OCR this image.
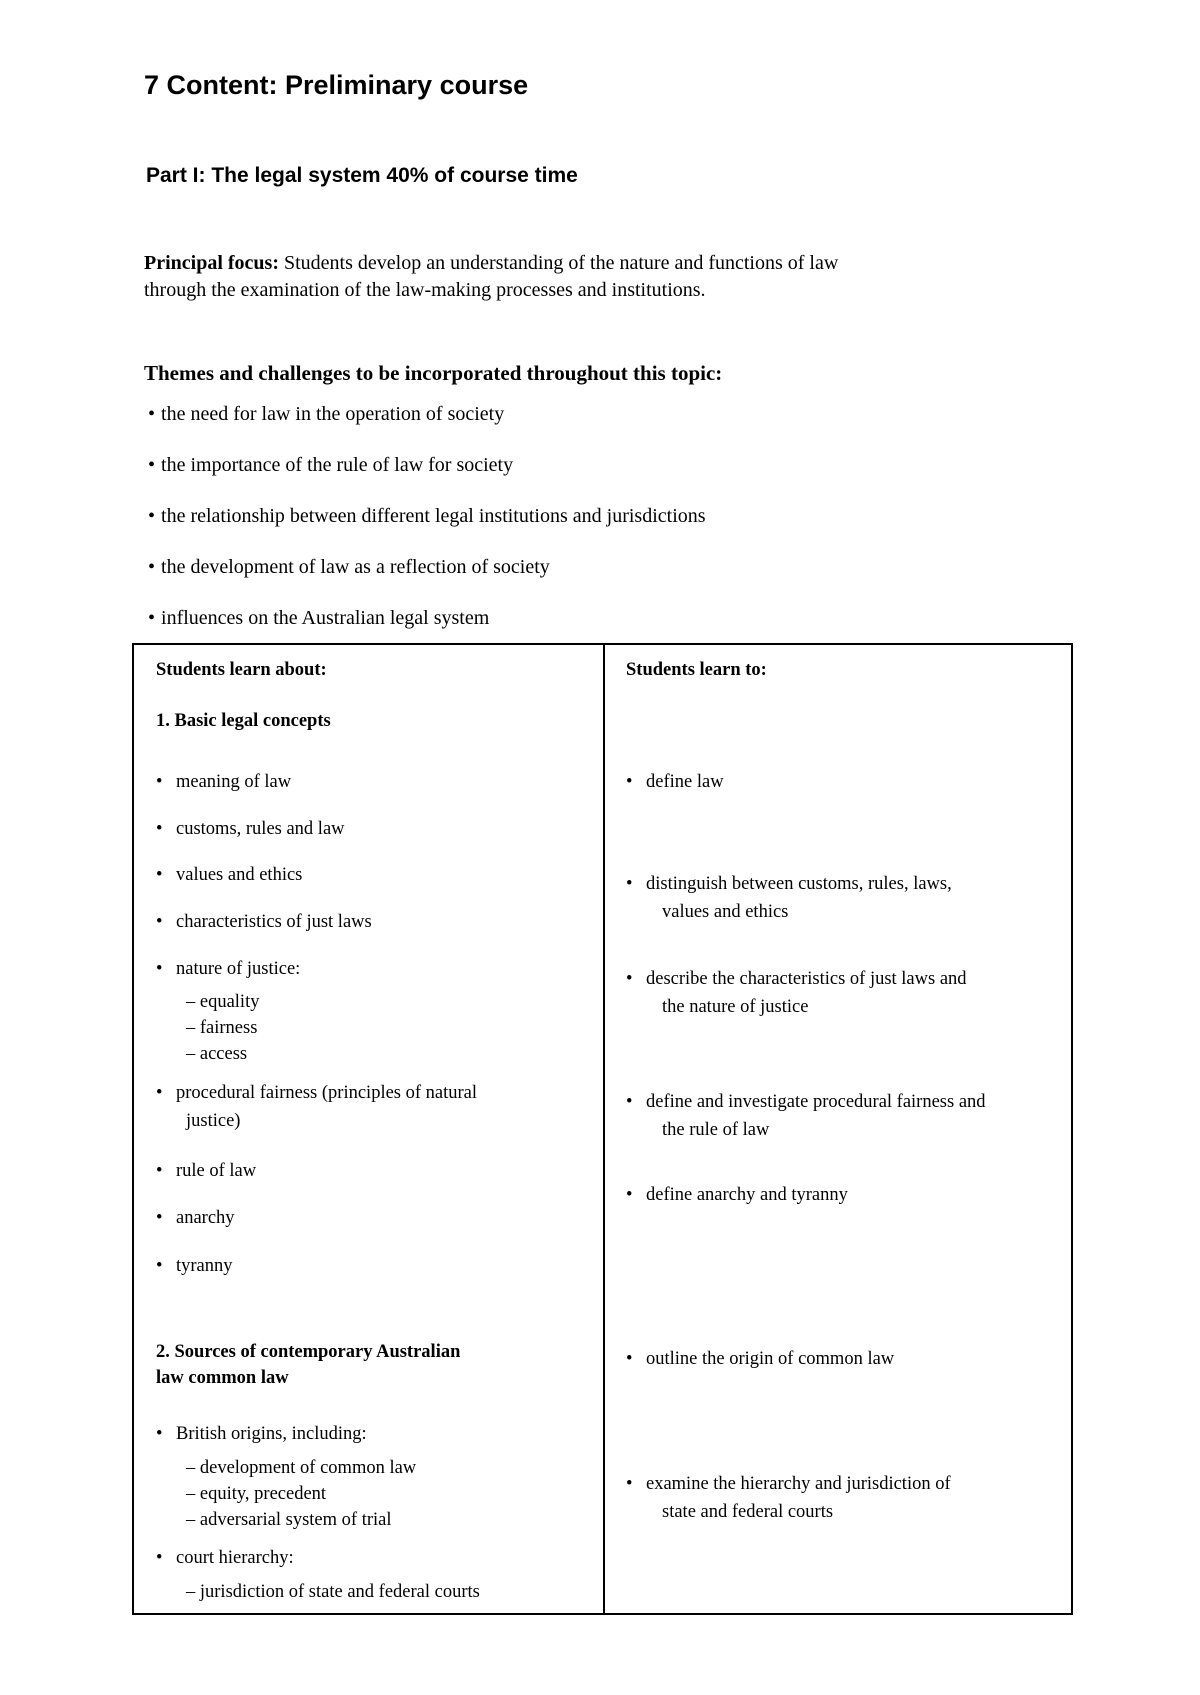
7 Content: Preliminary course
Part I: The legal system 40% of course time
Principal focus: Students develop an understanding of the nature and functions of law
through the examination of the law-making processes and institutions.
Themes and challenges to be incorporated throughout this topic:
• the need for law in the operation of society
• the importance of the rule of law for society
• the relationship between different legal institutions and jurisdictions
• the development of law as a reflection of society
• influences on the Australian legal system
Students learn about:	Students learn to:
1. Basic legal concepts
• meaning of law
• customs, rules and law
• values and ethics
• characteristics of just laws
• nature of justice:
– equality
– fairness
– access
• procedural fairness (principles of natural
justice)
• rule of law
• anarchy
• tyranny
• define law
• distinguish between customs, rules, laws,
values and ethics
• describe the characteristics of just laws and
the nature of justice
• define and investigate procedural fairness and
the rule of law
• define anarchy and tyranny
2. Sources of contemporary Australian
law common law
• British origins, including:
– development of common law
– equity, precedent
– adversarial system of trial
• court hierarchy:
– jurisdiction of state and federal courts
• outline the origin of common law
• examine the hierarchy and jurisdiction of
state and federal courts
